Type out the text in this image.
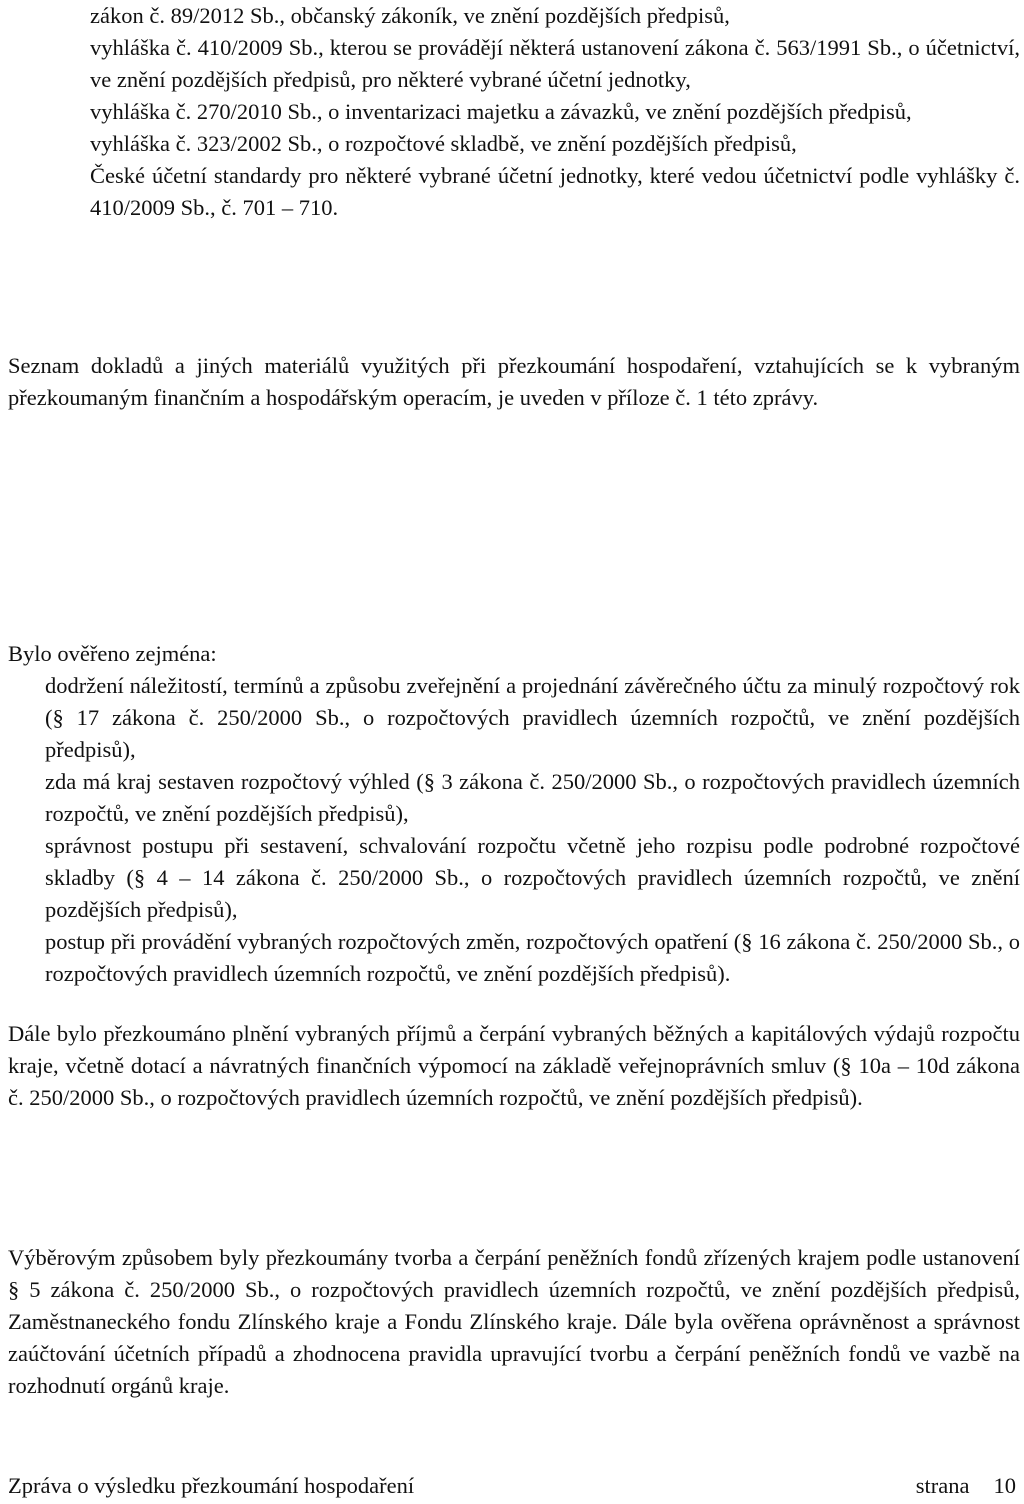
zákon č. 89/2012 Sb., občanský zákoník, ve znění pozdějších předpisů,

vyhláška č. 410/2009 Sb., kterou se provádějí některá ustanovení zákona č. 563/1991 Sb., o účetnictví, ve znění pozdějších předpisů, pro některé vybrané účetní jednotky,

vyhláška č. 270/2010 Sb., o inventarizaci majetku a závazků, ve znění pozdějších předpisů,

vyhláška č. 323/2002 Sb., o rozpočtové skladbě, ve znění pozdějších předpisů,

České účetní standardy pro některé vybrané účetní jednotky, které vedou účetnictví podle vyhlášky č. 410/2009 Sb., č. 701 – 710.

Seznam dokladů a jiných materiálů využitých při přezkoumání hospodaření, vztahujících se k vybraným přezkoumaným finančním a hospodářským operacím, je uveden v příloze č. 1 této zprávy.

Bylo ověřeno zejména:

dodržení náležitostí, termínů a způsobu zveřejnění a projednání závěrečného účtu za minulý rozpočtový rok (§ 17 zákona č. 250/2000 Sb., o rozpočtových pravidlech územních rozpočtů, ve znění pozdějších předpisů),

zda má kraj sestaven rozpočtový výhled (§ 3 zákona č. 250/2000 Sb., o rozpočtových pravidlech územních rozpočtů, ve znění pozdějších předpisů),

správnost postupu při sestavení, schvalování rozpočtu včetně jeho rozpisu podle podrobné rozpočtové skladby (§ 4 – 14 zákona č. 250/2000 Sb., o rozpočtových pravidlech územních rozpočtů, ve znění pozdějších předpisů),

postup při provádění vybraných rozpočtových změn, rozpočtových opatření (§ 16 zákona č. 250/2000 Sb., o rozpočtových pravidlech územních rozpočtů, ve znění pozdějších předpisů).

Dále bylo přezkoumáno plnění vybraných příjmů a čerpání vybraných běžných a kapitálových výdajů rozpočtu kraje, včetně dotací a návratných finančních výpomocí na základě veřejnoprávních smluv (§ 10a – 10d zákona č. 250/2000 Sb., o rozpočtových pravidlech územních rozpočtů, ve znění pozdějších předpisů).

Výběrovým způsobem byly přezkoumány tvorba a čerpání peněžních fondů zřízených krajem podle ustanovení § 5 zákona č. 250/2000 Sb., o rozpočtových pravidlech územních rozpočtů, ve znění pozdějších předpisů, Zaměstnaneckého fondu Zlínského kraje a Fondu Zlínského kraje. Dále byla ověřena oprávněnost a správnost zaúčtování účetních případů a zhodnocena pravidla upravující tvorbu a čerpání peněžních fondů ve vazbě na rozhodnutí orgánů kraje.

Zpráva o výsledku přezkoumání hospodaření	strana 10
